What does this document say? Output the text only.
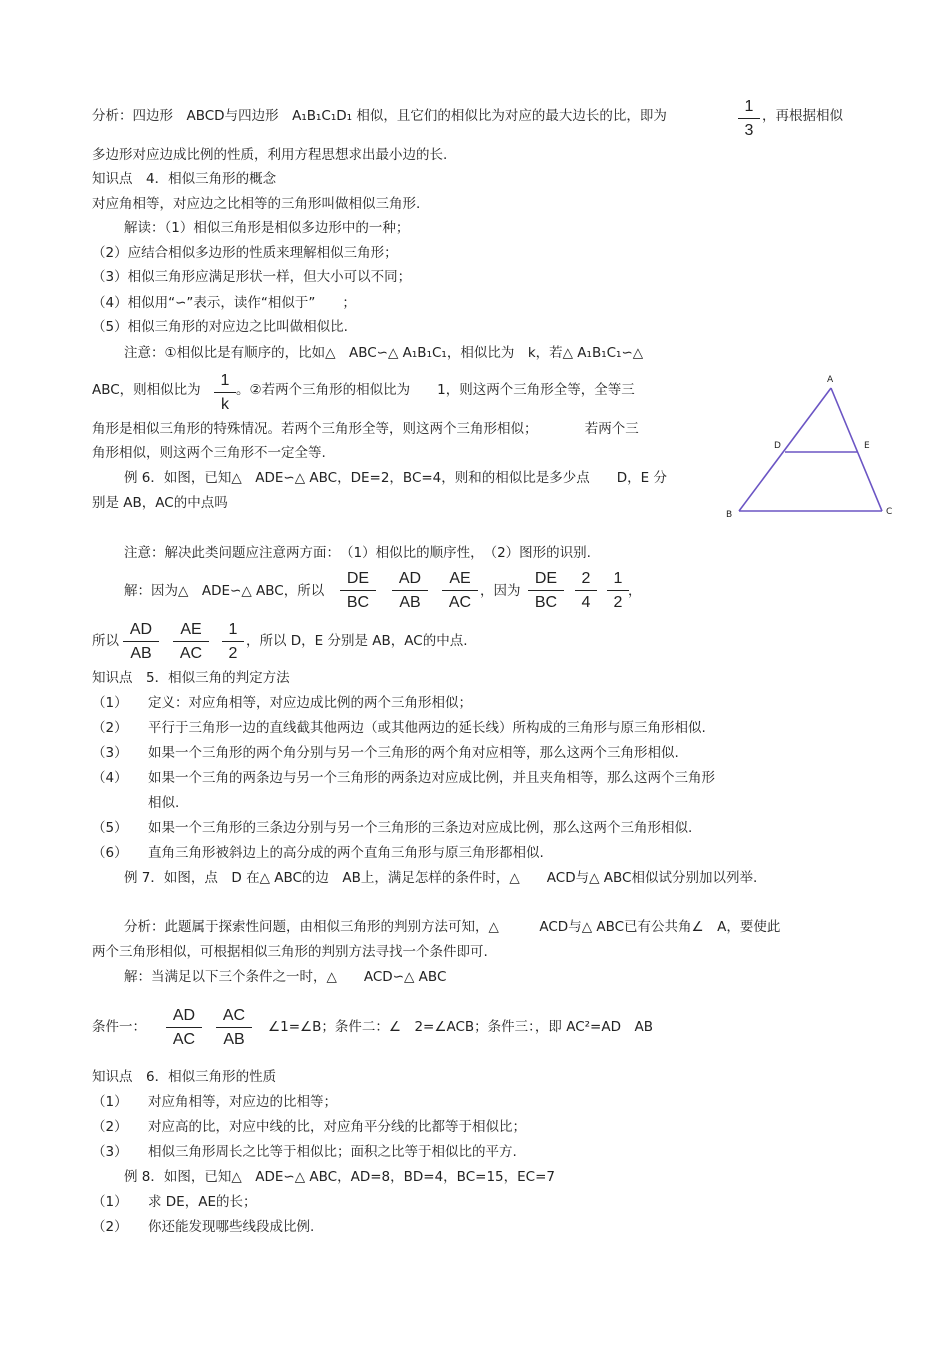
分析：四边形　ABCD与四边形　A₁B₁C₁D₁ 相似，且它们的相似比为对应的最大边长的比，即为	$\frac{1}{3}$ ，再根据相似
多边形对应边成比例的性质，利用方程思想求出最小边的长.
知识点　4．相似三角形的概念
对应角相等，对应边之比相等的三角形叫做相似三角形.
解读：（1）相似三角形是相似多边形中的一种；
（2）应结合相似多边形的性质来理解相似三角形；
（3）相似三角形应满足形状一样，但大小可以不同；
（4）相似用“∽”表示，读作“相似于”　　；
（5）相似三角形的对应边之比叫做相似比.
注意：①相似比是有顺序的，比如△　ABC∽△ A₁B₁C₁，相似比为　k，若△ A₁B₁C₁∽△
ABC，则相似比为 $\frac{1}{k}$ 。②若两个三角形的相似比为　　1，则这两个三角形全等，全等三
角形是相似三角形的特殊情况。若两个三角形全等，则这两个三角形相似；　　　　若两个三
角形相似，则这两个三角形不一定全等.
例 6．如图，已知△　ADE∽△ ABC，DE=2，BC=4，则和的相似比是多少点　　D，E 分
别是 AB，AC的中点吗
A
D	E
B	C
注意：解决此类问题应注意两方面：　（1）相似比的顺序性，　（2）图形的识别.
解：因为△　ADE∽△ ABC，所以 $\frac{DE}{BC} \frac{AD}{AB} \frac{AE}{AC}$ ，因为 $\frac{DE}{BC} \frac{2}{4} \frac{1}{2}$ ，
所以 $\frac{AD}{AB} \frac{AE}{AC} \frac{1}{2}$ ，所以 D，E 分别是 AB，AC的中点.
知识点　5．相似三角的判定方法
（1） 定义：对应角相等，对应边成比例的两个三角形相似；
（2） 平行于三角形一边的直线截其他两边（或其他两边的延长线）所构成的三角形与原三角形相似.
（3） 如果一个三角形的两个角分别与另一个三角形的两个角对应相等，那么这两个三角形相似.
（4） 如果一个三角的两条边与另一个三角形的两条边对应成比例，并且夹角相等，那么这两个三角形
相似.
（5） 如果一个三角形的三条边分别与另一个三角形的三条边对应成比例，那么这两个三角形相似.
（6） 直角三角形被斜边上的高分成的两个直角三角形与原三角形都相似.
例 7．如图，点　D 在△ ABC的边　AB上，满足怎样的条件时，△　　ACD与△ ABC相似试分别加以列举.
分析：此题属于探索性问题，由相似三角形的判别方法可知，△　　　ACD与△ ABC已有公共角∠　A，要使此
两个三角形相似，可根据相似三角形的判别方法寻找一个条件即可.
解：当满足以下三个条件之一时，△　　ACD∽△ ABC
条件一： $\frac{AD}{AC} \frac{AC}{AB}$ ∠1=∠B；条件二：∠　2=∠ACB；条件三：，即 AC²=AD　AB
知识点　6．相似三角形的性质
（1） 对应角相等，对应边的比相等；
（2） 对应高的比，对应中线的比，对应角平分线的比都等于相似比；
（3） 相似三角形周长之比等于相似比；面积之比等于相似比的平方.
例 8．如图，已知△　ADE∽△ ABC，AD=8，BD=4，BC=15，EC=7
（1） 求 DE，AE的长；
（2） 你还能发现哪些线段成比例.
